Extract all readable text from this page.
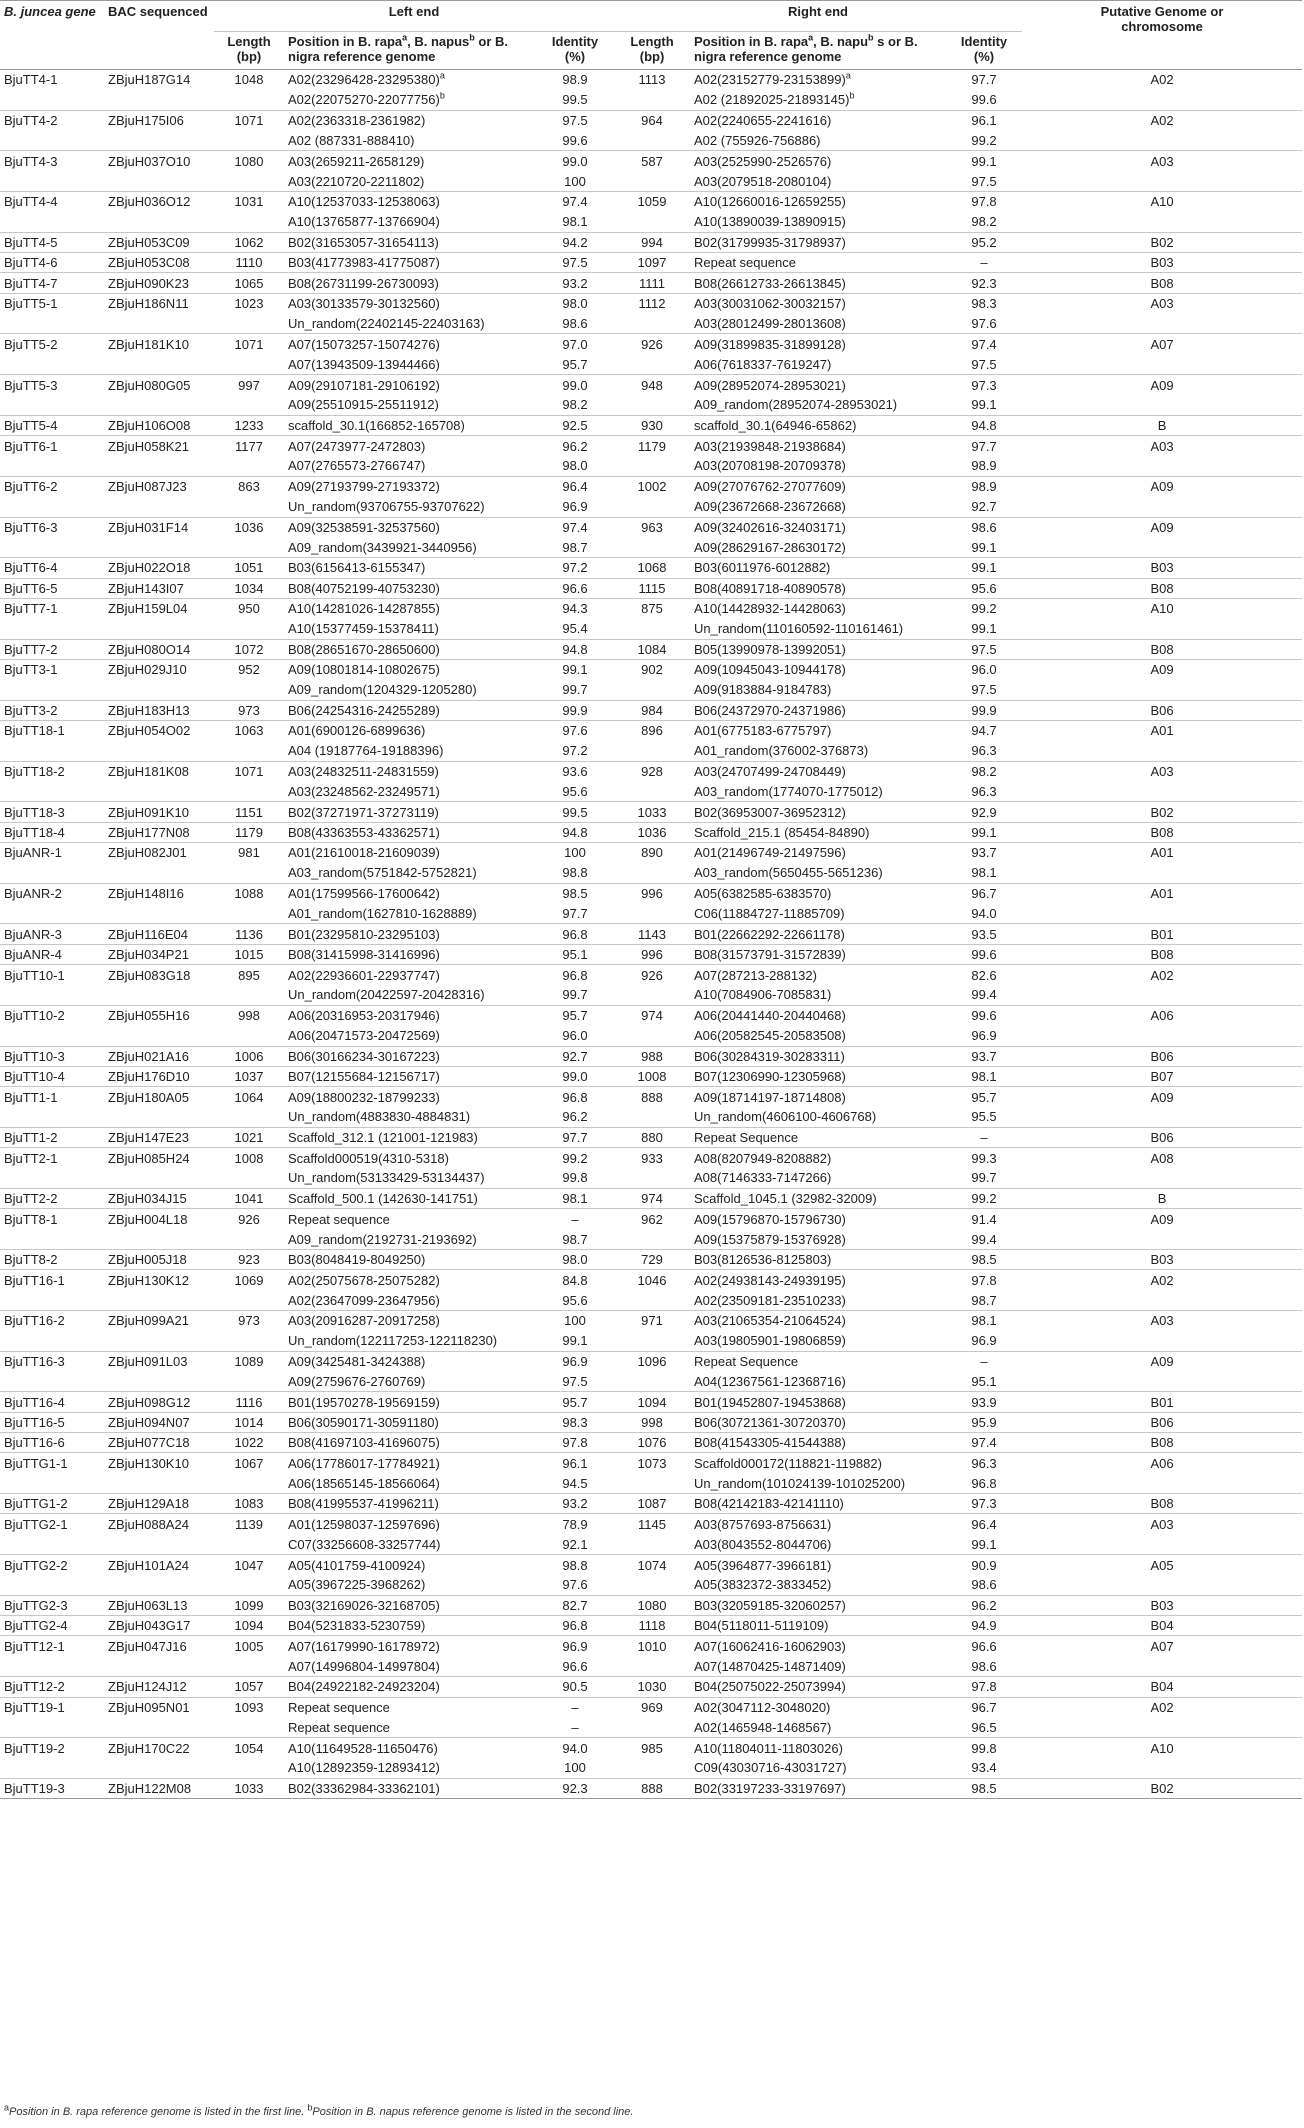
B. juncea gene	BAC sequenced	Left end			Right end			Putative Genome or chromosome
		Length (bp)	Position in B. rapa$^a$, B. napus$^b$ or B. nigra reference genome	Identity (%)	Length (bp)	Position in B. rapa$^a$, B. napu$^b$ s or B. nigra reference genome	Identity (%)	
BjuTT4-1	ZBjuH187G14	1048	$A02(23296428-23295380)^a$	98.9	1113	$A02(23152779-23153899)^a$	97.7	A02
			$A02(22075270-22077756)^b$	99.5		A02 $(21892025-21893145)^b$	99.6	
BjuTT4-2	ZBjuH175I06	1071	A02(2363318-2361982)	97.5	964	A02(2240655-2241616)	96.1	A02
			A02 (887331-888410)	99.6		A02 (755926-756886)	99.2	
BjuTT4-3	ZBjuH037O10	1080	A03(2659211-2658129)	99.0	587	A03(2525990-2526576)	99.1	A03
			A03(2210720-2211802)	100		A03(2079518-2080104)	97.5	
BjuTT4-4	ZBjuH036O12	1031	A10(12537033-12538063)	97.4	1059	A10(12660016-12659255)	97.8	A10
			A10(13765877-13766904)	98.1		A10(13890039-13890915)	98.2	
BjuTT4-5	ZBjuH053C09	1062	B02(31653057-31654113)	94.2	994	B02(31799935-31798937)	95.2	B02
BjuTT4-6	ZBjuH053C08	1110	B03(41773983-41775087)	97.5	1097	Repeat sequence	–	B03
BjuTT4-7	ZBjuH090K23	1065	B08(26731199-26730093)	93.2	1111	B08(26612733-26613845)	92.3	B08
BjuTT5-1	ZBjuH186N11	1023	A03(30133579-30132560)	98.0	1112	A03(30031062-30032157)	98.3	A03
			Un_random(22402145-22403163)	98.6		A03(28012499-28013608)	97.6	
BjuTT5-2	ZBjuH181K10	1071	A07(15073257-15074276)	97.0	926	A09(31899835-31899128)	97.4	A07
			A07(13943509-13944466)	95.7		A06(7618337-7619247)	97.5	
BjuTT5-3	ZBjuH080G05	997	A09(29107181-29106192)	99.0	948	A09(28952074-28953021)	97.3	A09
			A09(25510915-25511912)	98.2		A09_random(28952074-28953021)	99.1	
BjuTT5-4	ZBjuH106O08	1233	scaffold_30.1(166852-165708)	92.5	930	scaffold_30.1(64946-65862)	94.8	B
BjuTT6-1	ZBjuH058K21	1177	A07(2473977-2472803)	96.2	1179	A03(21939848-21938684)	97.7	A03
			A07(2765573-2766747)	98.0		A03(20708198-20709378)	98.9	
BjuTT6-2	ZBjuH087J23	863	A09(27193799-27193372)	96.4	1002	A09(27076762-27077609)	98.9	A09
			Un_random(93706755-93707622)	96.9		A09(23672668-23672668)	92.7	
BjuTT6-3	ZBjuH031F14	1036	A09(32538591-32537560)	97.4	963	A09(32402616-32403171)	98.6	A09
			A09_random(3439921-3440956)	98.7		A09(28629167-28630172)	99.1	
BjuTT6-4	ZBjuH022O18	1051	B03(6156413-6155347)	97.2	1068	B03(6011976-6012882)	99.1	B03
BjuTT6-5	ZBjuH143I07	1034	B08(40752199-40753230)	96.6	1115	B08(40891718-40890578)	95.6	B08
BjuTT7-1	ZBjuH159L04	950	A10(14281026-14287855)	94.3	875	A10(14428932-14428063)	99.2	A10
			A10(15377459-15378411)	95.4		Un_random(110160592-110161461)	99.1	
BjuTT7-2	ZBjuH080O14	1072	B08(28651670-28650600)	94.8	1084	B05(13990978-13992051)	97.5	B08
BjuTT3-1	ZBjuH029J10	952	A09(10801814-10802675)	99.1	902	A09(10945043-10944178)	96.0	A09
			A09_random(1204329-1205280)	99.7		A09(9183884-9184783)	97.5	
BjuTT3-2	ZBjuH183H13	973	B06(24254316-24255289)	99.9	984	B06(24372970-24371986)	99.9	B06
BjuTT18-1	ZBjuH054O02	1063	A01(6900126-6899636)	97.6	896	A01(6775183-6775797)	94.7	A01
			A04 (19187764-19188396)	97.2		A01_random(376002-376873)	96.3	
BjuTT18-2	ZBjuH181K08	1071	A03(24832511-24831559)	93.6	928	A03(24707499-24708449)	98.2	A03
			A03(23248562-23249571)	95.6		A03_random(1774070-1775012)	96.3	
BjuTT18-3	ZBjuH091K10	1151	B02(37271971-37273119)	99.5	1033	B02(36953007-36952312)	92.9	B02
BjuTT18-4	ZBjuH177N08	1179	B08(43363553-43362571)	94.8	1036	Scaffold_215.1 (85454-84890)	99.1	B08
BjuANR-1	ZBjuH082J01	981	A01(21610018-21609039)	100	890	A01(21496749-21497596)	93.7	A01
			A03_random(5751842-5752821)	98.8		A03_random(5650455-5651236)	98.1	
BjuANR-2	ZBjuH148I16	1088	A01(17599566-17600642)	98.5	996	A05(6382585-6383570)	96.7	A01
			A01_random(1627810-1628889)	97.7		C06(11884727-11885709)	94.0	
BjuANR-3	ZBjuH116E04	1136	B01(23295810-23295103)	96.8	1143	B01(22662292-22661178)	93.5	B01
BjuANR-4	ZBjuH034P21	1015	B08(31415998-31416996)	95.1	996	B08(31573791-31572839)	99.6	B08
BjuTT10-1	ZBjuH083G18	895	A02(22936601-22937747)	96.8	926	A07(287213-288132)	82.6	A02
			Un_random(20422597-20428316)	99.7		A10(7084906-7085831)	99.4	
BjuTT10-2	ZBjuH055H16	998	A06(20316953-20317946)	95.7	974	A06(20441440-20440468)	99.6	A06
			A06(20471573-20472569)	96.0		A06(20582545-20583508)	96.9	
BjuTT10-3	ZBjuH021A16	1006	B06(30166234-30167223)	92.7	988	B06(30284319-30283311)	93.7	B06
BjuTT10-4	ZBjuH176D10	1037	B07(12155684-12156717)	99.0	1008	B07(12306990-12305968)	98.1	B07
BjuTT1-1	ZBjuH180A05	1064	A09(18800232-18799233)	96.8	888	A09(18714197-18714808)	95.7	A09
			Un_random(4883830-4884831)	96.2		Un_random(4606100-4606768)	95.5	
BjuTT1-2	ZBjuH147E23	1021	Scaffold_312.1 (121001-121983)	97.7	880	Repeat Sequence	–	B06
BjuTT2-1	ZBjuH085H24	1008	Scaffold000519(4310-5318)	99.2	933	A08(8207949-8208882)	99.3	A08
			Un_random(53133429-53134437)	99.8		A08(7146333-7147266)	99.7	
BjuTT2-2	ZBjuH034J15	1041	Scaffold_500.1 (142630-141751)	98.1	974	Scaffold_1045.1 (32982-32009)	99.2	B
BjuTT8-1	ZBjuH004L18	926	Repeat sequence	–	962	A09(15796870-15796730)	91.4	A09
			A09_random(2192731-2193692)	98.7		A09(15375879-15376928)	99.4	
BjuTT8-2	ZBjuH005J18	923	B03(8048419-8049250)	98.0	729	B03(8126536-8125803)	98.5	B03
BjuTT16-1	ZBjuH130K12	1069	A02(25075678-25075282)	84.8	1046	A02(24938143-24939195)	97.8	A02
			A02(23647099-23647956)	95.6		A02(23509181-23510233)	98.7	
BjuTT16-2	ZBjuH099A21	973	A03(20916287-20917258)	100	971	A03(21065354-21064524)	98.1	A03
			Un_random(122117253-122118230)	99.1		A03(19805901-19806859)	96.9	
BjuTT16-3	ZBjuH091L03	1089	A09(3425481-3424388)	96.9	1096	Repeat Sequence	–	A09
			A09(2759676-2760769)	97.5		A04(12367561-12368716)	95.1	
BjuTT16-4	ZBjuH098G12	1116	B01(19570278-19569159)	95.7	1094	B01(19452807-19453868)	93.9	B01
BjuTT16-5	ZBjuH094N07	1014	B06(30590171-30591180)	98.3	998	B06(30721361-30720370)	95.9	B06
BjuTT16-6	ZBjuH077C18	1022	B08(41697103-41696075)	97.8	1076	B08(41543305-41544388)	97.4	B08
BjuTTG1-1	ZBjuH130K10	1067	A06(17786017-17784921)	96.1	1073	Scaffold000172(118821-119882)	96.3	A06
			A06(18565145-18566064)	94.5		Un_random(101024139-101025200)	96.8	
BjuTTG1-2	ZBjuH129A18	1083	B08(41995537-41996211)	93.2	1087	B08(42142183-42141110)	97.3	B08
BjuTTG2-1	ZBjuH088A24	1139	A01(12598037-12597696)	78.9	1145	A03(8757693-8756631)	96.4	A03
			C07(33256608-33257744)	92.1		A03(8043552-8044706)	99.1	
BjuTTG2-2	ZBjuH101A24	1047	A05(4101759-4100924)	98.8	1074	A05(3964877-3966181)	90.9	A05
			A05(3967225-3968262)	97.6		A05(3832372-3833452)	98.6	
BjuTTG2-3	ZBjuH063L13	1099	B03(32169026-32168705)	82.7	1080	B03(32059185-32060257)	96.2	B03
BjuTTG2-4	ZBjuH043G17	1094	B04(5231833-5230759)	96.8	1118	B04(5118011-5119109)	94.9	B04
BjuTT12-1	ZBjuH047J16	1005	A07(16179990-16178972)	96.9	1010	A07(16062416-16062903)	96.6	A07
			A07(14996804-14997804)	96.6		A07(14870425-14871409)	98.6	
BjuTT12-2	ZBjuH124J12	1057	B04(24922182-24923204)	90.5	1030	B04(25075022-25073994)	97.8	B04
BjuTT19-1	ZBjuH095N01	1093	Repeat sequence	–	969	A02(3047112-3048020)	96.7	A02
			Repeat sequence	–		A02(1465948-1468567)	96.5	
BjuTT19-2	ZBjuH170C22	1054	A10(11649528-11650476)	94.0	985	A10(11804011-11803026)	99.8	A10
			A10(12892359-12893412)	100		C09(43030716-43031727)	93.4	
BjuTT19-3	ZBjuH122M08	1033	B02(33362984-33362101)	92.3	888	B02(33197233-33197697)	98.5	B02
$^a$Position in B. rapa reference genome is listed in the first line. $^b$Position in B. napus reference genome is listed in the second line.
